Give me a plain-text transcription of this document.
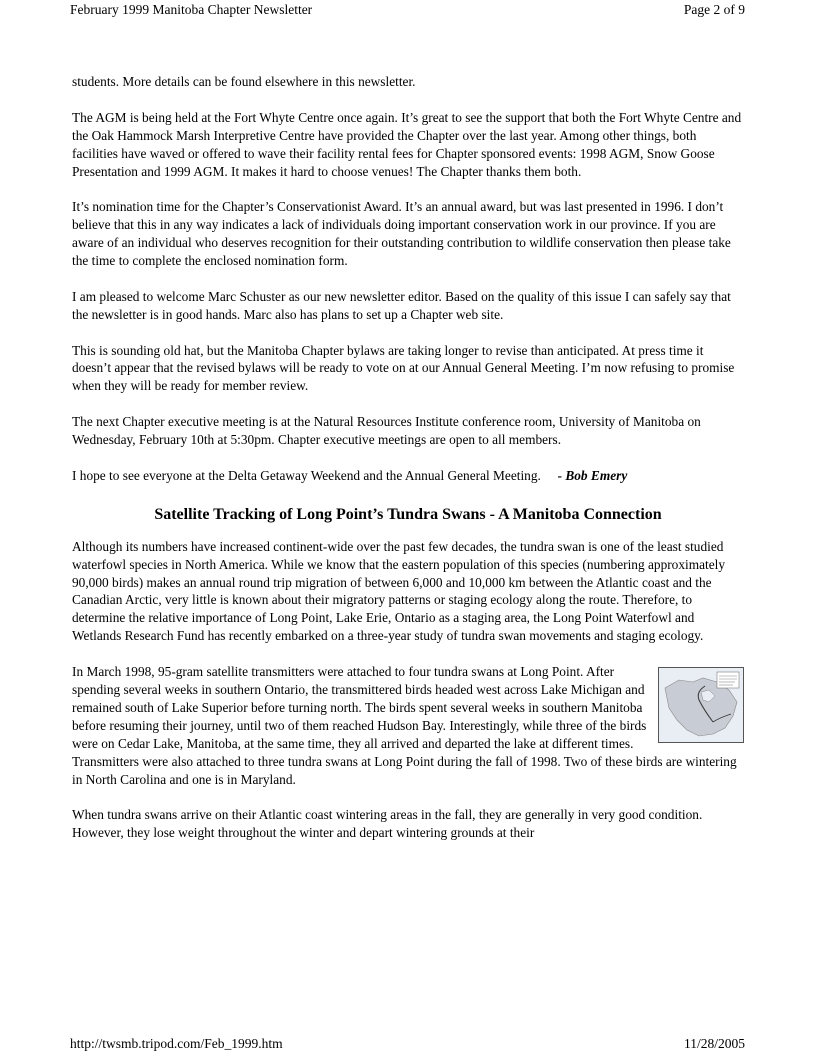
February 1999 Manitoba Chapter Newsletter	Page 2 of 9

students. More details can be found elsewhere in this newsletter.

The AGM is being held at the Fort Whyte Centre once again. It’s great to see the support that both the Fort Whyte Centre and the Oak Hammock Marsh Interpretive Centre have provided the Chapter over the last year. Among other things, both facilities have waved or offered to wave their facility rental fees for Chapter sponsored events: 1998 AGM, Snow Goose Presentation and 1999 AGM. It makes it hard to choose venues! The Chapter thanks them both.

It’s nomination time for the Chapter’s Conservationist Award. It’s an annual award, but was last presented in 1996. I don’t believe that this in any way indicates a lack of individuals doing important conservation work in our province. If you are aware of an individual who deserves recognition for their outstanding contribution to wildlife conservation then please take the time to complete the enclosed nomination form.

I am pleased to welcome Marc Schuster as our new newsletter editor. Based on the quality of this issue I can safely say that the newsletter is in good hands. Marc also has plans to set up a Chapter web site.

This is sounding old hat, but the Manitoba Chapter bylaws are taking longer to revise than anticipated. At press time it doesn’t appear that the revised bylaws will be ready to vote on at our Annual General Meeting. I’m now refusing to promise when they will be ready for member review.

The next Chapter executive meeting is at the Natural Resources Institute conference room, University of Manitoba on Wednesday, February 10th at 5:30pm. Chapter executive meetings are open to all members.

I hope to see everyone at the Delta Getaway Weekend and the Annual General Meeting. - Bob Emery

Satellite Tracking of Long Point’s Tundra Swans - A Manitoba Connection

Although its numbers have increased continent-wide over the past few decades, the tundra swan is one of the least studied waterfowl species in North America. While we know that the eastern population of this species (numbering approximately 90,000 birds) makes an annual round trip migration of between 6,000 and 10,000 km between the Atlantic coast and the Canadian Arctic, very little is known about their migratory patterns or staging ecology along the route. Therefore, to determine the relative importance of Long Point, Lake Erie, Ontario as a staging area, the Long Point Waterfowl and Wetlands Research Fund has recently embarked on a three-year study of tundra swan movements and staging ecology.

In March 1998, 95-gram satellite transmitters were attached to four tundra swans at Long Point. After spending several weeks in southern Ontario, the transmittered birds headed west across Lake Michigan and remained south of Lake Superior before turning north. The birds spent several weeks in southern Manitoba before resuming their journey, until two of them reached Hudson Bay. Interestingly, while three of the birds were on Cedar Lake, Manitoba, at the same time, they all arrived and departed the lake at different times. Transmitters were also attached to three tundra swans at Long Point during the fall of 1998. Two of these birds are wintering in North Carolina and one is in Maryland.

When tundra swans arrive on their Atlantic coast wintering areas in the fall, they are generally in very good condition. However, they lose weight throughout the winter and depart wintering grounds at their

http://twsmb.tripod.com/Feb_1999.htm	11/28/2005
